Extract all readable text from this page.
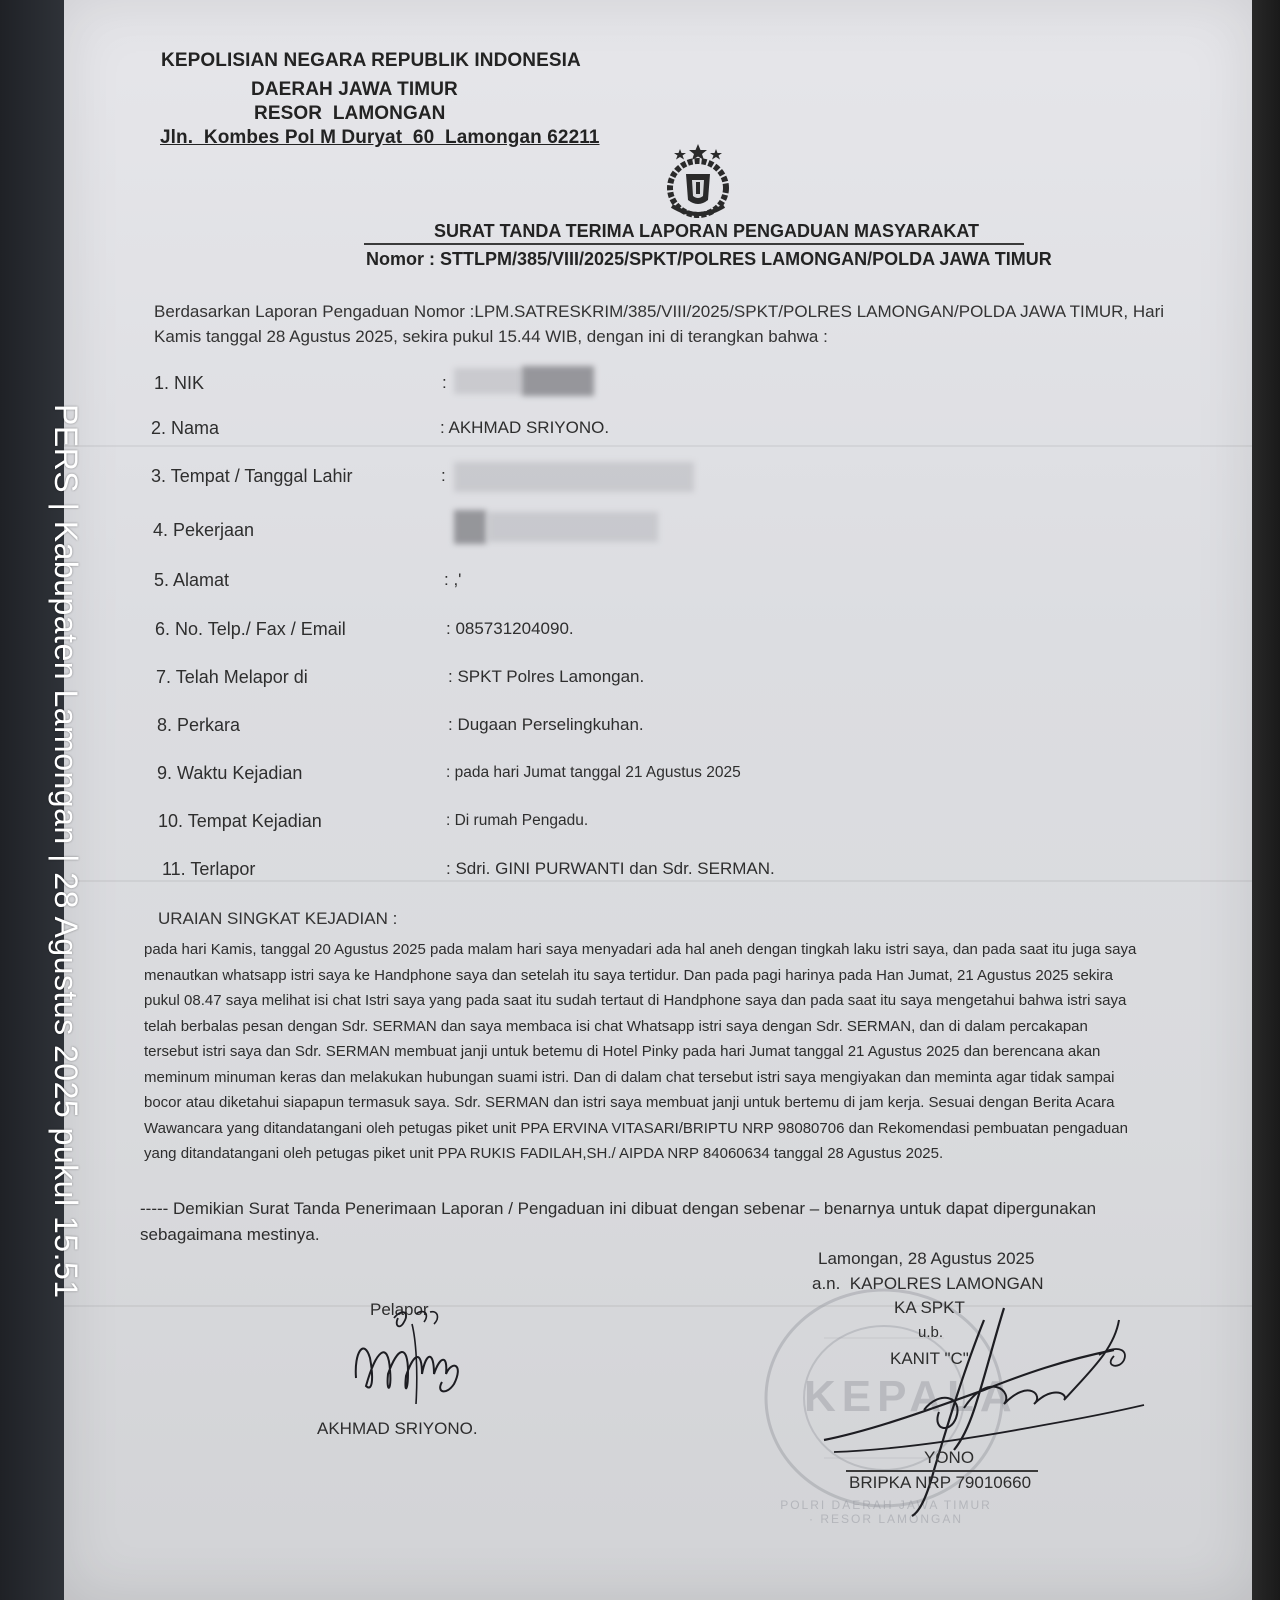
KEPOLISIAN NEGARA REPUBLIK INDONESIA
DAERAH JAWA TIMUR
RESOR  LAMONGAN
Jln.  Kombes Pol M Duryat  60  Lamongan 62211
SURAT TANDA TERIMA LAPORAN PENGADUAN MASYARAKAT
Nomor : STTLPM/385/VIII/2025/SPKT/POLRES LAMONGAN/POLDA JAWA TIMUR
Berdasarkan Laporan Pengaduan Nomor :LPM.SATRESKRIM/385/VIII/2025/SPKT/POLRES LAMONGAN/POLDA JAWA TIMUR, Hari
Kamis tanggal 28 Agustus 2025, sekira pukul 15.44 WIB, dengan ini di terangkan bahwa :
1. NIK	:
2. Nama	: AKHMAD SRIYONO.
3. Tempat / Tanggal Lahir	:
4. Pekerjaan
5. Alamat	: ,'
6. No. Telp./ Fax / Email	: 085731204090.
7. Telah Melapor di	: SPKT Polres Lamongan.
8. Perkara	: Dugaan Perselingkuhan.
9. Waktu Kejadian	: pada hari Jumat tanggal 21 Agustus 2025
10. Tempat Kejadian	: Di rumah Pengadu.
11. Terlapor	: Sdri. GINI PURWANTI dan Sdr. SERMAN.
URAIAN SINGKAT KEJADIAN :
pada hari Kamis, tanggal 20 Agustus 2025 pada malam hari saya menyadari ada hal aneh dengan tingkah laku istri saya, dan pada saat itu juga saya
menautkan whatsapp istri saya ke Handphone saya dan setelah itu saya tertidur. Dan pada pagi harinya pada Han Jumat, 21 Agustus 2025 sekira
pukul 08.47 saya melihat isi chat Istri saya yang pada saat itu sudah tertaut di Handphone saya dan pada saat itu saya mengetahui bahwa istri saya
telah berbalas pesan dengan Sdr. SERMAN dan saya membaca isi chat Whatsapp istri saya dengan Sdr. SERMAN, dan di dalam percakapan
tersebut istri saya dan Sdr. SERMAN membuat janji untuk betemu di Hotel Pinky pada hari Jumat tanggal 21 Agustus 2025 dan berencana akan
meminum minuman keras dan melakukan hubungan suami istri. Dan di dalam chat tersebut istri saya mengiyakan dan meminta agar tidak sampai
bocor atau diketahui siapapun termasuk saya. Sdr. SERMAN dan istri saya membuat janji untuk bertemu di jam kerja. Sesuai dengan Berita Acara
Wawancara yang ditandatangani oleh petugas piket unit PPA ERVINA VITASARI/BRIPTU NRP 98080706 dan Rekomendasi pembuatan pengaduan
yang ditandatangani oleh petugas piket unit PPA RUKIS FADILAH,SH./ AIPDA NRP 84060634 tanggal 28 Agustus 2025.
----- Demikian Surat Tanda Penerimaan Laporan / Pengaduan ini dibuat dengan sebenar – benarnya untuk dapat dipergunakan
sebagaimana mestinya.
KEPALA
POLRI DAERAH JAWA TIMUR · RESOR LAMONGAN
Lamongan, 28 Agustus 2025
a.n.  KAPOLRES LAMONGAN
KA SPKT
u.b.
KANIT "C"
YONO
BRIPKA NRP 79010660
Pelapor
AKHMAD SRIYONO.
PERS | Kabupaten Lamongan | 28 Agustus 2025 pukul 15.51
